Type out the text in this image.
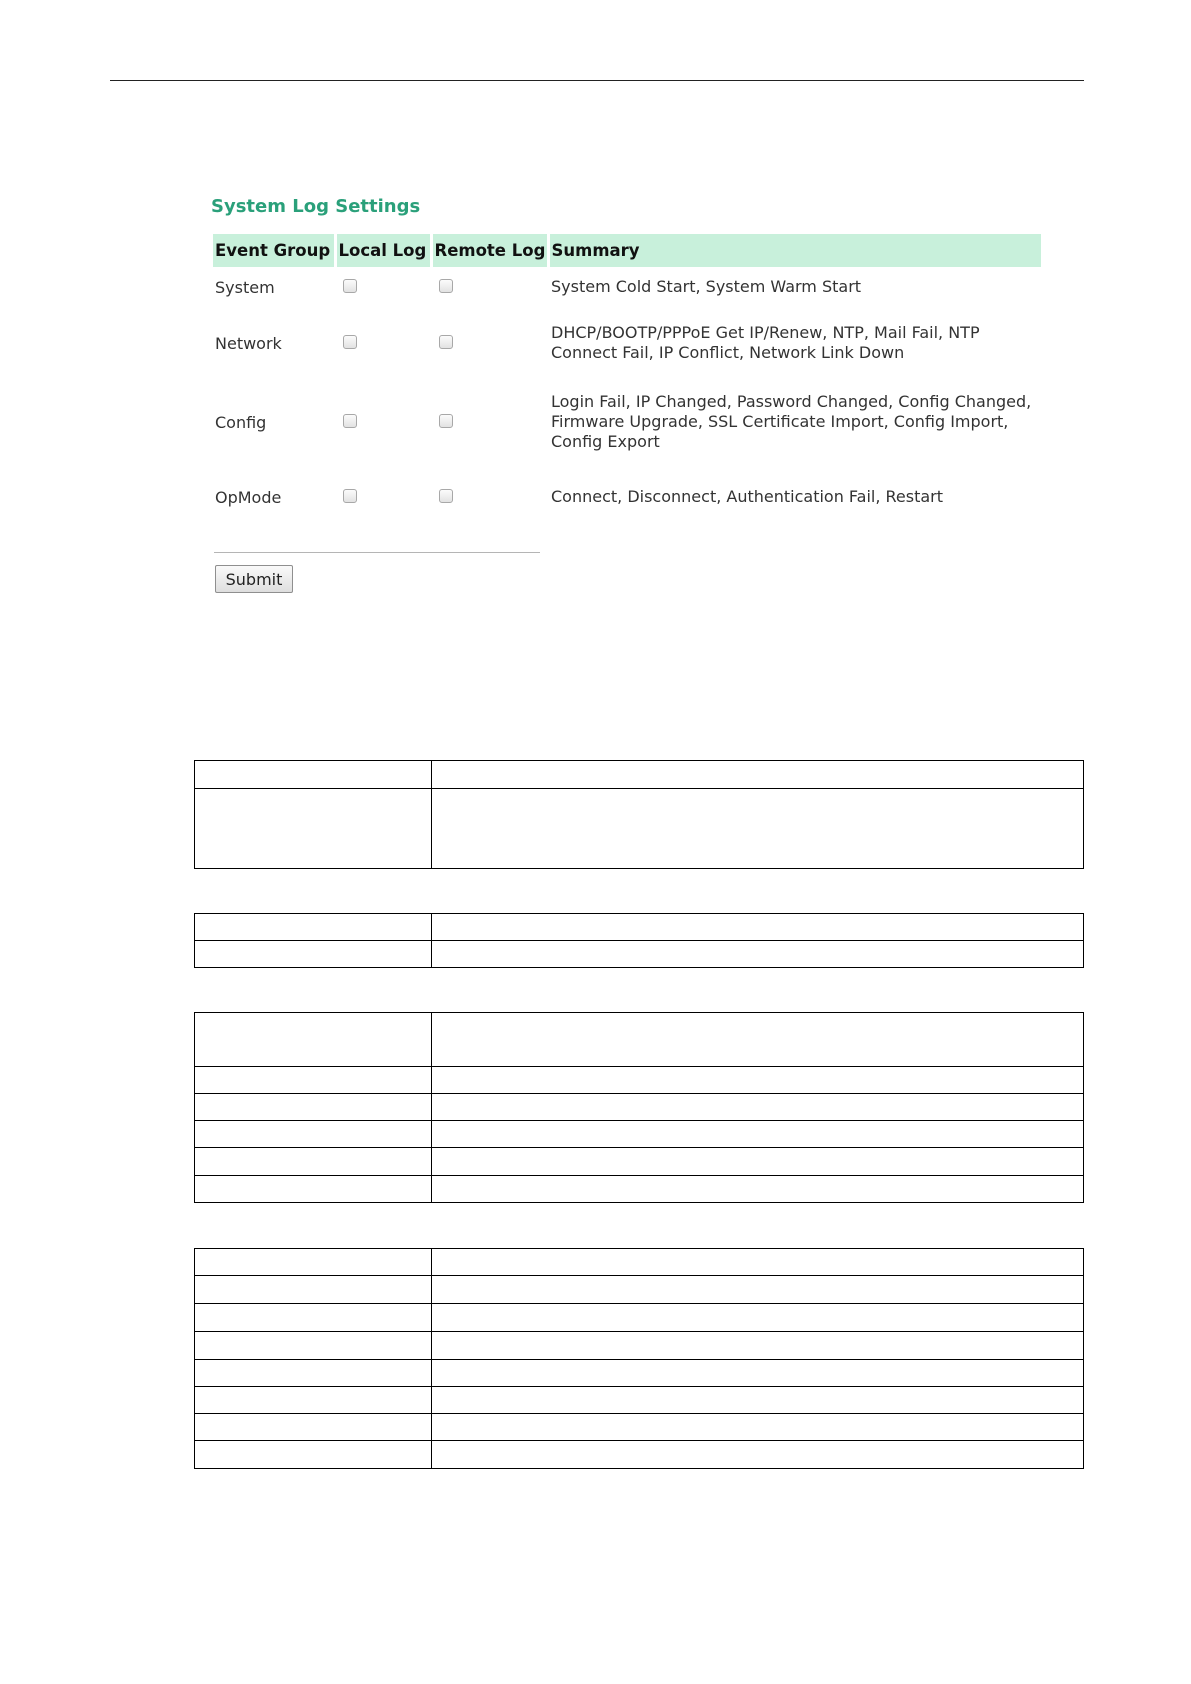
System Log Settings
Event Group	Local Log	Remote Log	Summary
System			System Cold Start, System Warm Start
Network			DHCP/BOOTP/PPPoE Get IP/Renew, NTP, Mail Fail, NTP Connect Fail, IP Conflict, Network Link Down
Config			Login Fail, IP Changed, Password Changed, Config Changed, Firmware Upgrade, SSL Certificate Import, Config Import, Config Export
OpMode			Connect, Disconnect, Authentication Fail, Restart
Submit
